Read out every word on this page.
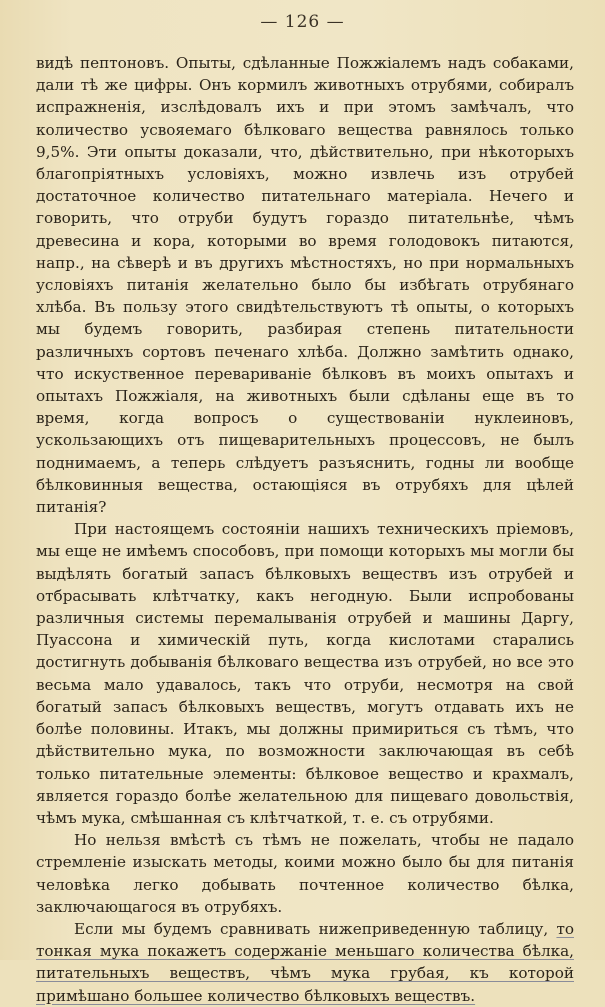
— 126 —

видѣ пептоновъ. Опыты, сдѣланные Пожжіалемъ надъ собаками, дали тѣ же цифры. Онъ кормилъ животныхъ отрубями, собиралъ испражненія, изслѣдовалъ ихъ и при этомъ замѣчалъ, что количество усвояемаго бѣлковаго вещества равнялось только 9,5%. Эти опыты доказали, что, дѣйствительно, при нѣкоторыхъ благопріятныхъ условіяхъ, можно извлечь изъ отрубей достаточное количество питательнаго матеріала. Нечего и говорить, что отруби будутъ гораздо питательнѣе, чѣмъ древесина и кора, которыми во время голодовокъ питаются, напр., на сѣверѣ и въ другихъ мѣстностяхъ, но при нормальныхъ условіяхъ питанія желательно было бы избѣгать отрубянаго хлѣба. Въ пользу этого свидѣтельствуютъ тѣ опыты, о которыхъ мы будемъ говорить, разбирая степень питательности различныхъ сортовъ печенаго хлѣба. Должно замѣтить однако, что искуственное перевариваніе бѣлковъ въ моихъ опытахъ и опытахъ Пожжіаля, на животныхъ были сдѣланы еще въ то время, когда вопросъ о существованіи нуклеиновъ, ускользающихъ отъ пищеварительныхъ процессовъ, не былъ поднимаемъ, а теперь слѣдуетъ разъяснить, годны ли вообще бѣлковинныя вещества, остающіяся въ отрубяхъ для цѣлей питанія?

При настоящемъ состояніи нашихъ техническихъ пріемовъ, мы еще не имѣемъ способовъ, при помощи которыхъ мы могли бы выдѣлять богатый запасъ бѣлковыхъ веществъ изъ отрубей и отбрасывать клѣтчатку, какъ негодную. Были испробованы различныя системы перемалыванія отрубей и машины Даргу, Пуассона и химическій путь, когда кислотами старались достигнуть добыванія бѣлковаго вещества изъ отрубей, но все это весьма мало удавалось, такъ что отруби, несмотря на свой богатый запасъ бѣлковыхъ веществъ, могутъ отдавать ихъ не болѣе половины. Итакъ, мы должны примириться съ тѣмъ, что дѣйствительно мука, по возможности заключающая въ себѣ только питательные элементы: бѣлковое вещество и крахмалъ, является гораздо болѣе желательною для пищеваго довольствія, чѣмъ мука, смѣшанная съ клѣтчаткой, т. е. съ отрубями.

Но нельзя вмѣстѣ съ тѣмъ не пожелать, чтобы не падало стремленіе изыскать методы, коими можно было бы для питанія человѣка легко добывать почтенное количество бѣлка, заключающагося въ отрубяхъ.

Если мы будемъ сравнивать нижеприведенную таблицу, то тонкая мука покажетъ содержаніе меньшаго количества бѣлка, питательныхъ веществъ, чѣмъ мука грубая, къ которой примѣшано большее количество бѣлковыхъ веществъ.
